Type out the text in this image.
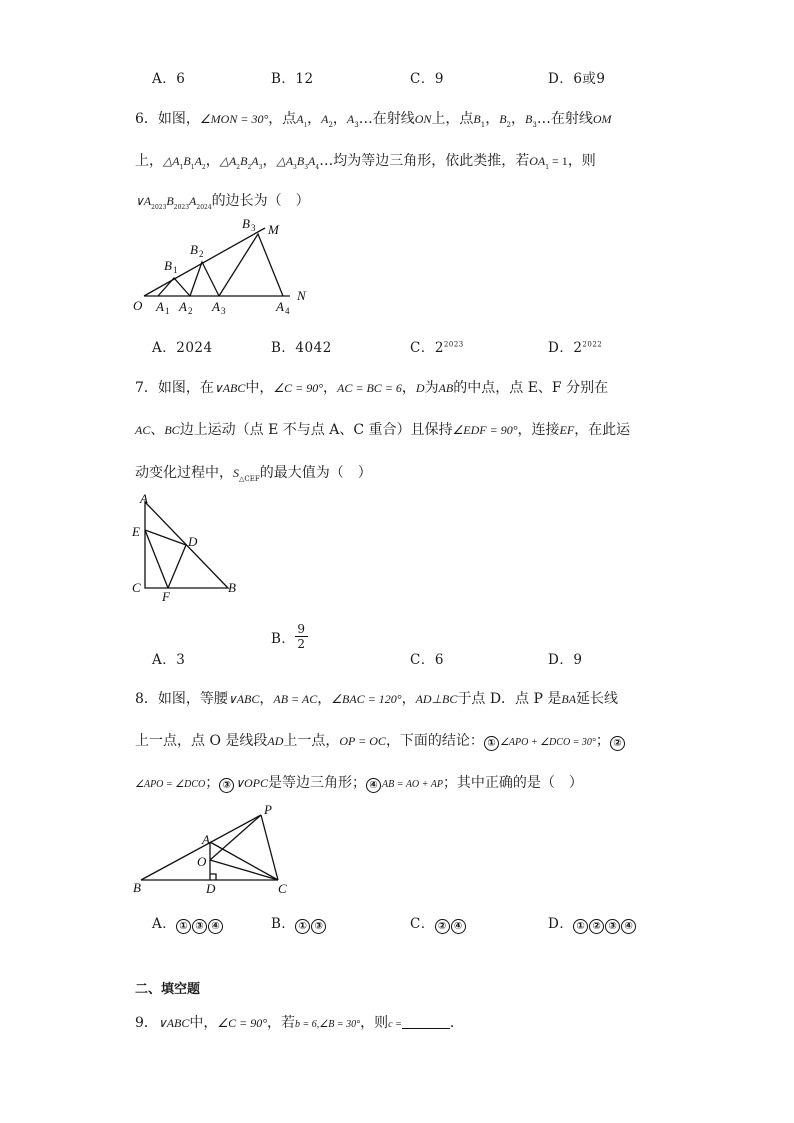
A．6	B．12	C．9	D．6或9
6．如图，∠MON = 30°，点$A_1$，$A_2$，$A_3\dots$在射线ON上，点$B_1$，$B_2$，$B_3\dots$在射线OM
上，$\triangle A_1B_1A_2$，$\triangle A_2B_2A_3$，$\triangle A_3B_3A_4\dots$均为等边三角形，依此类推，若$OA_1 = 1$，则
$\vee A_{2023}B_{2023}A_{2024}$的边长为（　）
O
M
N
A 1 A 2 A 3	A 4
B 1
B 2
B 3
A．2024	B．4042	C．$2^{2023}$	D．$2^{2022}$
7．如图，在∨ABC中，∠C = 90°，AC = BC = 6，D为AB的中点，点 E、F 分别在
AC、BC边上运动（点 E 不与点 A、C 重合）且保持∠EDF = 90°，连接EF，在此运
动变化过程中，$S_{\triangle CEF}$的最大值为（　）
A
E
D
C
F
B
A．3
B． $\frac{9}{2}$
C．6	D．9
8．如图，等腰∨ABC，AB = AC，∠BAC = 120°，AD⊥BC于点 D．点 P 是BA延长线
上一点，点 O 是线段AD上一点，OP = OC，下面的结论： ① ∠APO + ∠DCO = 30°； ②
∠APO = ∠DCO； ③ ∨OPC是等边三角形； ④ AB = AO + AP；其中正确的是（　）
P
A
O
B	D	C
A． ① ③ ④	B． ① ③	C． ② ④	D． ① ② ③ ④
二、填空题
9．∨ABC中，∠C = 90°，若b = 6,∠B = 30°，则c =	．
